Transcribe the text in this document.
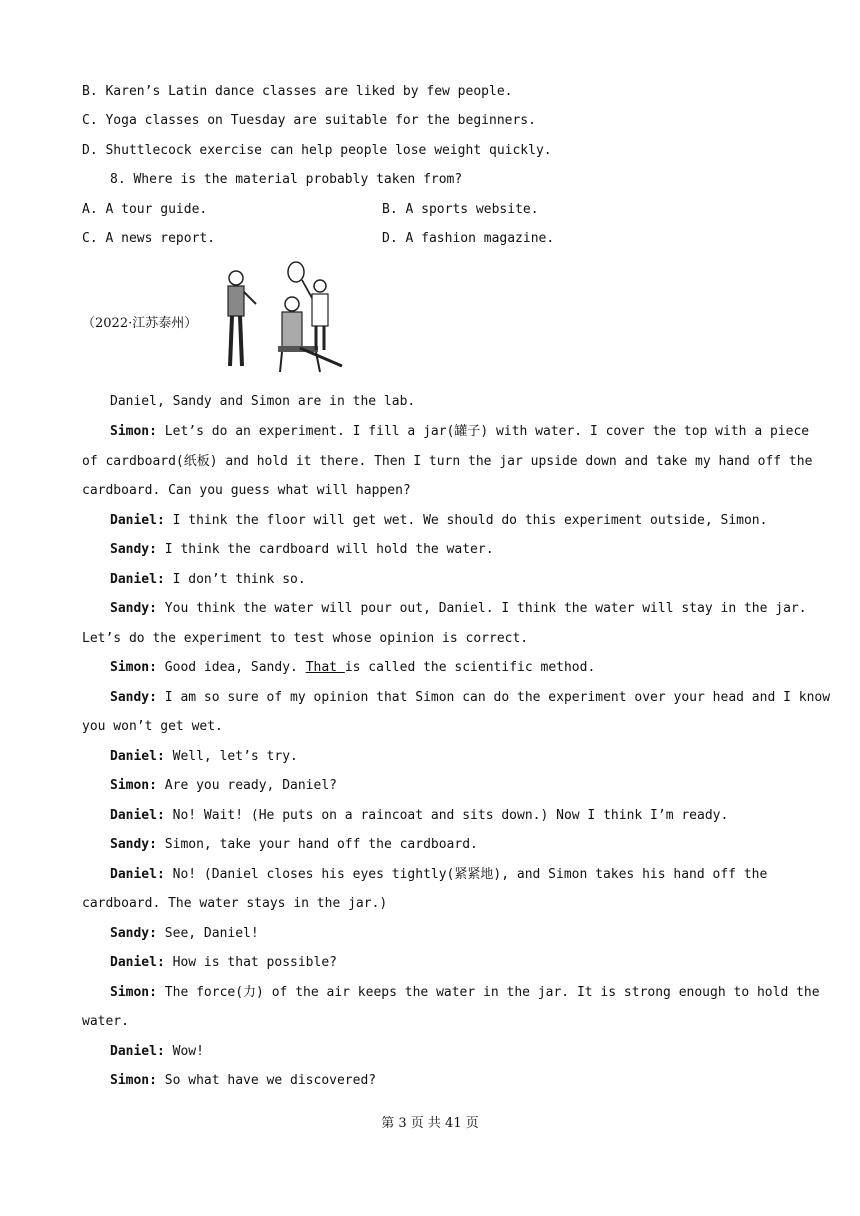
B. Karen’s Latin dance classes are liked by few people.
C. Yoga classes on Tuesday are suitable for the beginners.
D. Shuttlecock exercise can help people lose weight quickly.
8. Where is the material probably taken from?
A. A tour guide.	B. A sports website.
C. A news report.	D. A fashion magazine.
（2022·江苏泰州）
Daniel, Sandy and Simon are in the lab.
Simon: Let’s do an experiment. I fill a jar(罐子) with water. I cover the top with a piece
of cardboard(纸板) and hold it there. Then I turn the jar upside down and take my hand off the
cardboard. Can you guess what will happen?
Daniel: I think the floor will get wet. We should do this experiment outside, Simon.
Sandy: I think the cardboard will hold the water.
Daniel: I don’t think so.
Sandy: You think the water will pour out, Daniel. I think the water will stay in the jar.
Let’s do the experiment to test whose opinion is correct.
Simon: Good idea, Sandy. That is called the scientific method.
Sandy: I am so sure of my opinion that Simon can do the experiment over your head and I know
you won’t get wet.
Daniel: Well, let’s try.
Simon: Are you ready, Daniel?
Daniel: No! Wait! (He puts on a raincoat and sits down.) Now I think I’m ready.
Sandy: Simon, take your hand off the cardboard.
Daniel: No! (Daniel closes his eyes tightly(紧紧地), and Simon takes his hand off the
cardboard. The water stays in the jar.)
Sandy: See, Daniel!
Daniel: How is that possible?
Simon: The force(力) of the air keeps the water in the jar. It is strong enough to hold the
water.
Daniel: Wow!
Simon: So what have we discovered?
第 3 页 共 41 页
